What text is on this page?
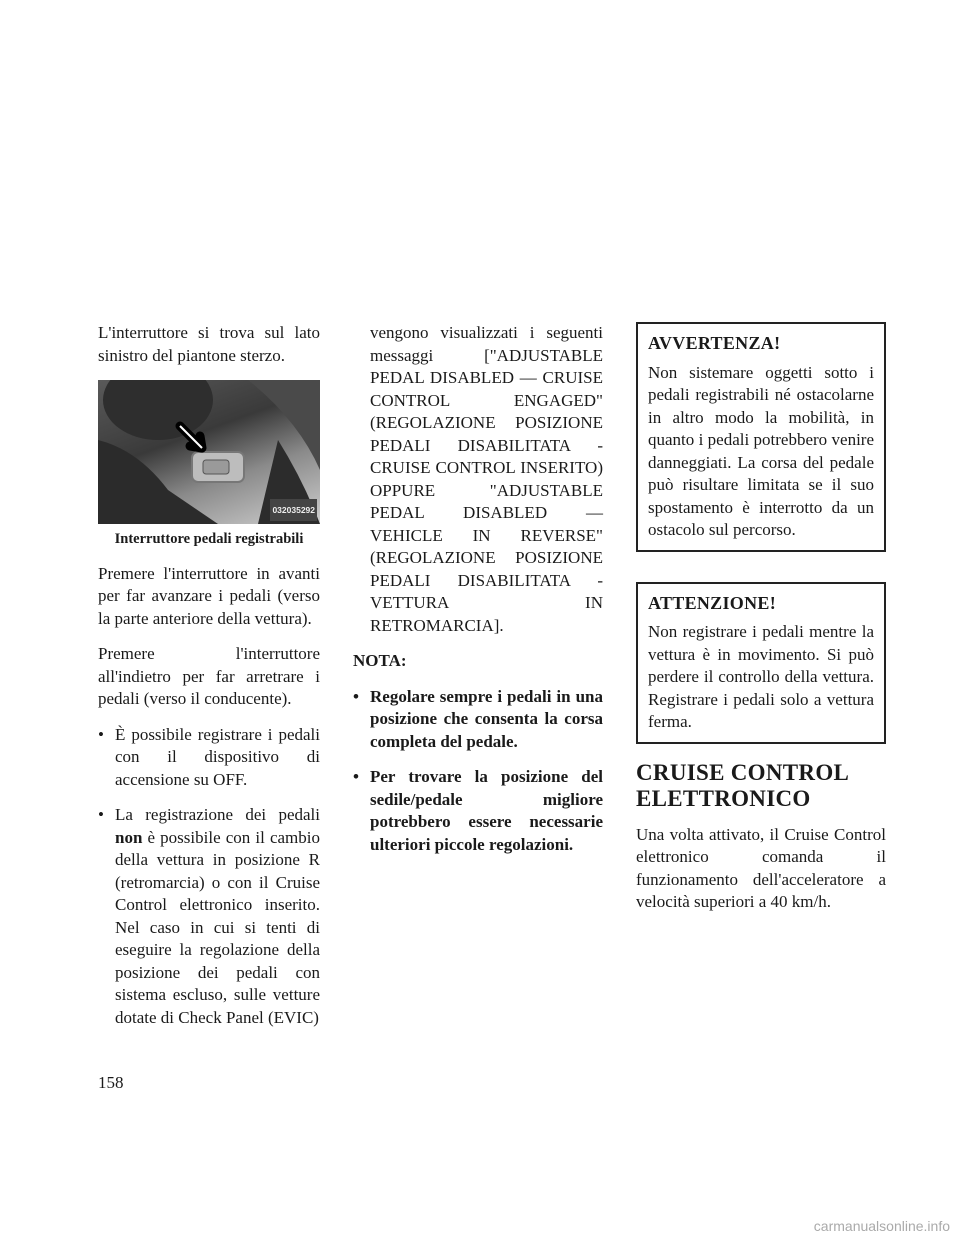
L'interruttore si trova sul lato sinistro del piantone sterzo.

032035292
Interruttore pedali registrabili

Premere l'interruttore in avanti per far avanzare i pedali (verso la parte anteriore della vettura).

Premere l'interruttore all'indietro per far arretrare i pedali (verso il conducente).

• È possibile registrare i pedali con il dispositivo di accensione su OFF.
• La registrazione dei pedali non è possibile con il cambio della vettura in posizione R (retromarcia) o con il Cruise Control elettronico inserito. Nel caso in cui si tenti di eseguire la regolazione della posizione dei pedali con sistema escluso, sulle vetture dotate di Check Panel (EVIC)

vengono visualizzati i seguenti messaggi ["ADJUSTABLE PEDAL DISABLED — CRUISE CONTROL ENGAGED" (REGOLAZIONE POSIZIONE PEDALI DISABILITATA - CRUISE CONTROL INSERITO) OPPURE "ADJUSTABLE PEDAL DISABLED — VEHICLE IN REVERSE" (REGOLAZIONE POSIZIONE PEDALI DISABILITATA - VETTURA IN RETROMARCIA].

NOTA:
• Regolare sempre i pedali in una posizione che consenta la corsa completa del pedale.
• Per trovare la posizione del sedile/pedale migliore potrebbero essere necessarie ulteriori piccole regolazioni.
AVVERTENZA!

Non sistemare oggetti sotto i pedali registrabili né ostacolarne in altro modo la mobilità, in quanto i pedali potrebbero venire danneggiati. La corsa del pedale può risultare limitata se il suo spostamento è interrotto da un ostacolo sul percorso.

ATTENZIONE!

Non registrare i pedali mentre la vettura è in movimento. Si può perdere il controllo della vettura. Registrare i pedali solo a vettura ferma.

CRUISE CONTROL ELETTRONICO

Una volta attivato, il Cruise Control elettronico comanda il funzionamento dell'acceleratore a velocità superiori a 40 km/h.

158
carmanualsonline.info
